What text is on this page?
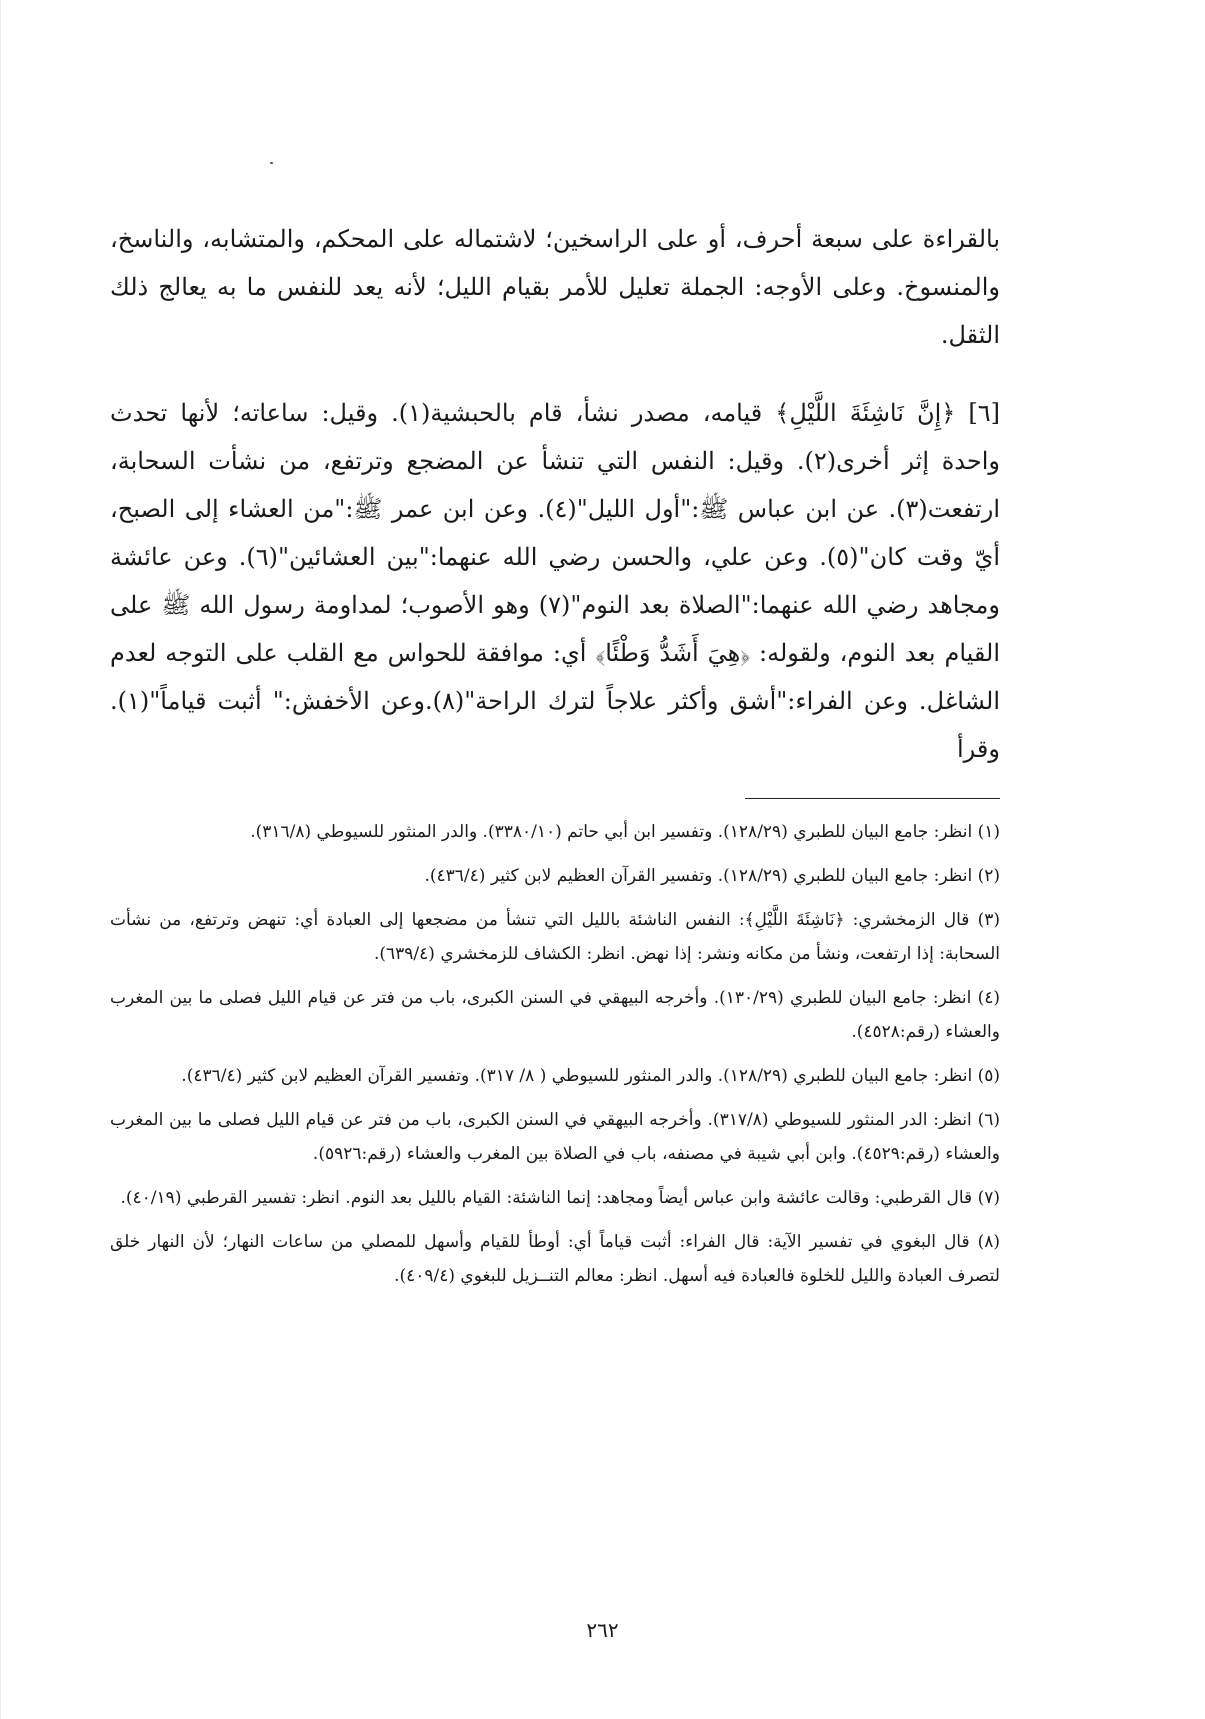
بالقراءة على سبعة أحرف، أو على الراسخين؛ لاشتماله على المحكم، والمتشابه، والناسخ، والمنسوخ. وعلى الأوجه: الجملة تعليل للأمر بقيام الليل؛ لأنه يعد للنفس ما به يعالج ذلك الثقل.

[٦] ﴿إِنَّ نَاشِئَةَ اللَّيْلِ﴾ قيامه، مصدر نشأ، قام بالحبشية(١). وقيل: ساعاته؛ لأنها تحدث واحدة إثر أخرى(٢). وقيل: النفس التي تنشأ عن المضجع وترتفع، من نشأت السحابة، ارتفعت(٣). عن ابن عباس ﷺ:"أول الليل"(٤). وعن ابن عمر ﷺ:"من العشاء إلى الصبح، أيّ وقت كان"(٥). وعن علي، والحسن رضي الله عنهما:"بين العشائين"(٦). وعن عائشة ومجاهد رضي الله عنهما:"الصلاة بعد النوم"(٧) وهو الأصوب؛ لمداومة رسول الله ﷺ على القيام بعد النوم، ولقوله: ﴿هِيَ أَشَدُّ وَطْئًا﴾ أي: موافقة للحواس مع القلب على التوجه لعدم الشاغل. وعن الفراء:"أشق وأكثر علاجاً لترك الراحة"(٨).وعن الأخفش:" أثبت قياماً"(١). وقرأ

(١) انظر: جامع البيان للطبري (١٢٨/٢٩). وتفسير ابن أبي حاتم (٣٣٨٠/١٠). والدر المنثور للسيوطي (٣١٦/٨).

(٢) انظر: جامع البيان للطبري (١٢٨/٢٩). وتفسير القرآن العظيم لابن كثير (٤٣٦/٤).

(٣) قال الزمخشري: ﴿نَاشِئَةَ اللَّيْلِ﴾: النفس الناشئة بالليل التي تنشأ من مضجعها إلى العبادة أي: تنهض وترتفع، من نشأت السحابة: إذا ارتفعت، ونشأ من مكانه ونشر: إذا نهض. انظر: الكشاف للزمخشري (٦٣٩/٤).

(٤) انظر: جامع البيان للطبري (١٣٠/٢٩). وأخرجه البيهقي في السنن الكبرى، باب من فتر عن قيام الليل فصلى ما بين المغرب والعشاء (رقم:٤٥٢٨).

(٥) انظر: جامع البيان للطبري (١٢٨/٢٩). والدر المنثور للسيوطي ( ٨/ ٣١٧). وتفسير القرآن العظيم لابن كثير (٤٣٦/٤).

(٦) انظر: الدر المنثور للسيوطي (٣١٧/٨). وأخرجه البيهقي في السنن الكبرى، باب من فتر عن قيام الليل فصلى ما بين المغرب والعشاء (رقم:٤٥٢٩). وابن أبي شيبة في مصنفه، باب في الصلاة بين المغرب والعشاء (رقم:٥٩٢٦).

(٧) قال القرطبي: وقالت عائشة وابن عباس أيضاً ومجاهد: إنما الناشئة: القيام بالليل بعد النوم. انظر: تفسير القرطبي (٤٠/١٩).

(٨) قال البغوي في تفسير الآية: قال الفراء: أثبت قياماً أي: أوطأ للقيام وأسهل للمصلي من ساعات النهار؛ لأن النهار خلق لتصرف العبادة والليل للخلوة فالعبادة فيه أسهل. انظر: معالم التنــزيل للبغوي (٤٠٩/٤).

٢٦٢
